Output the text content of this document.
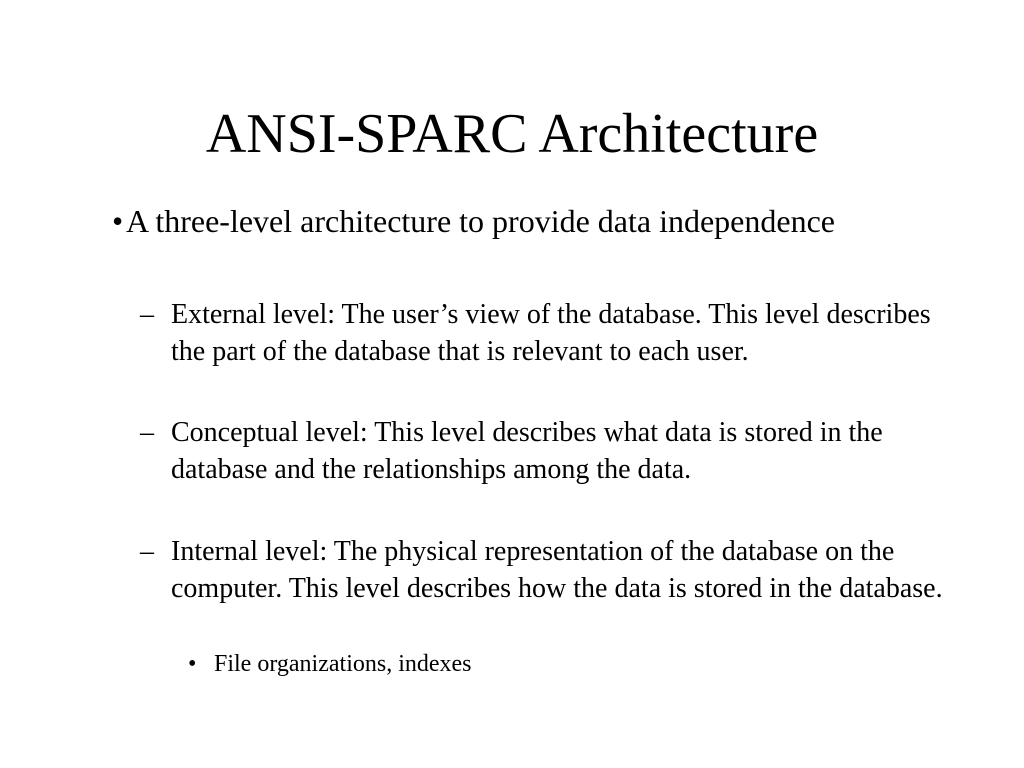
ANSI-SPARC Architecture
• A three-level architecture to provide data independence
– External level: The user’s view of the database. This level describes the part of the database that is relevant to each user.
– Conceptual level: This level describes what data is stored in the database and the relationships among the data.
– Internal level: The physical representation of the database on the computer. This level describes how the data is stored in the database.
• File organizations, indexes
